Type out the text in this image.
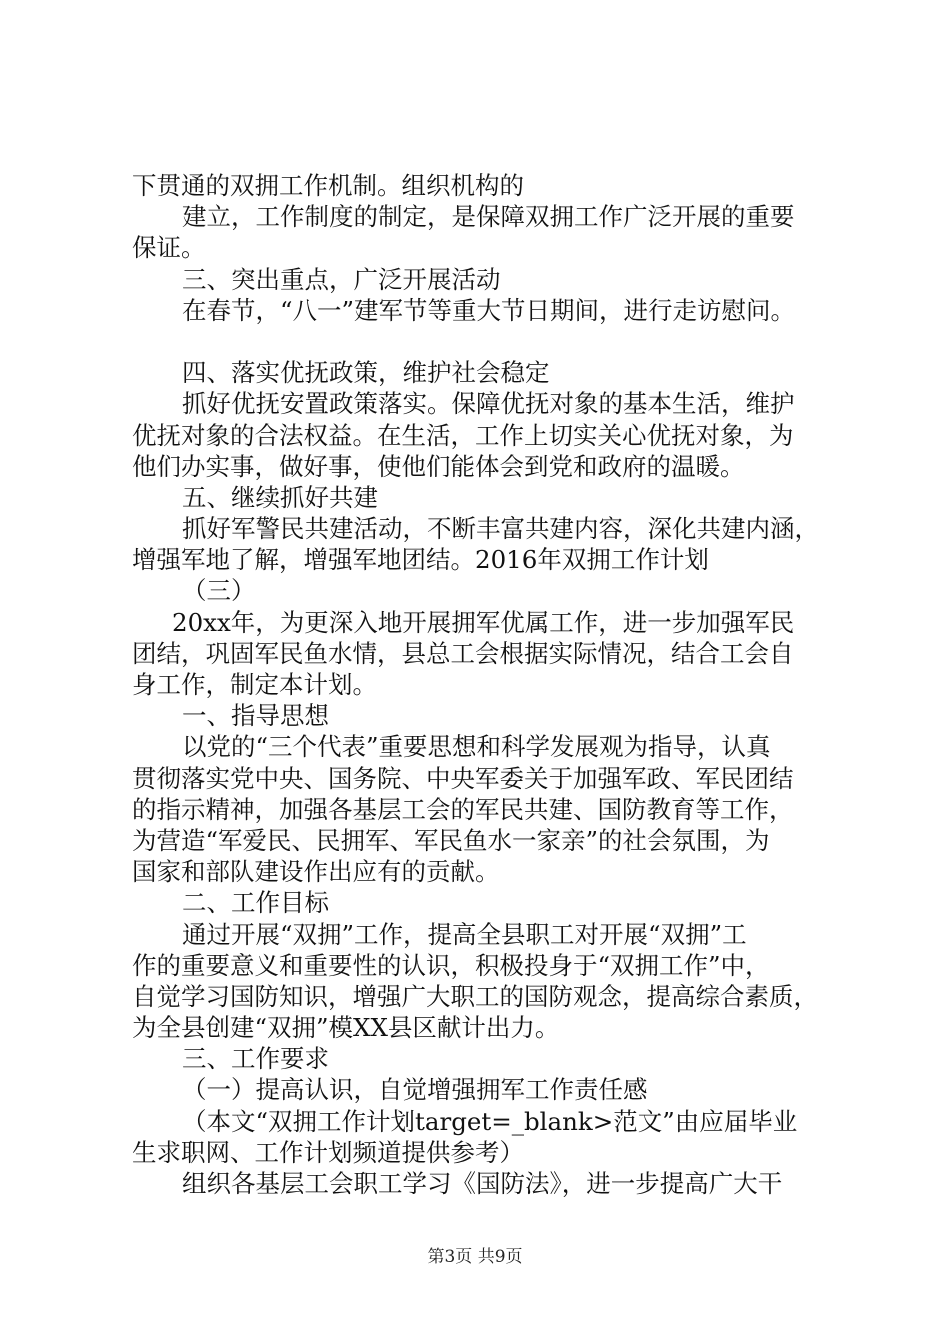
下贯通的双拥工作机制。组织机构的
建立，工作制度的制定，是保障双拥工作广泛开展的重要
保证。
三、突出重点，广泛开展活动
在春节，“八一”建军节等重大节日期间，进行走访慰问。
四、落实优抚政策，维护社会稳定
抓好优抚安置政策落实。保障优抚对象的基本生活，维护
优抚对象的合法权益。在生活，工作上切实关心优抚对象，为
他们办实事，做好事，使他们能体会到党和政府的温暖。
五、继续抓好共建
抓好军警民共建活动，不断丰富共建内容，深化共建内涵，
增强军地了解，增强军地团结。2016年双拥工作计划
（三）
20xx年，为更深入地开展拥军优属工作，进一步加强军民
团结，巩固军民鱼水情，县总工会根据实际情况，结合工会自
身工作，制定本计划。
一、指导思想
以党的“三个代表”重要思想和科学发展观为指导，认真
贯彻落实党中央、国务院、中央军委关于加强军政、军民团结
的指示精神，加强各基层工会的军民共建、国防教育等工作，
为营造“军爱民、民拥军、军民鱼水一家亲”的社会氛围，为
国家和部队建设作出应有的贡献。
二、工作目标
通过开展“双拥”工作，提高全县职工对开展“双拥”工
作的重要意义和重要性的认识，积极投身于“双拥工作”中，
自觉学习国防知识，增强广大职工的国防观念，提高综合素质，
为全县创建“双拥”模XX县区献计出力。
三、工作要求
（一）提高认识，自觉增强拥军工作责任感
（本文“双拥工作计划target=_blank>范文”由应届毕业
生求职网、工作计划频道提供参考）
组织各基层工会职工学习《国防法》，进一步提高广大干
第3页 共9页
